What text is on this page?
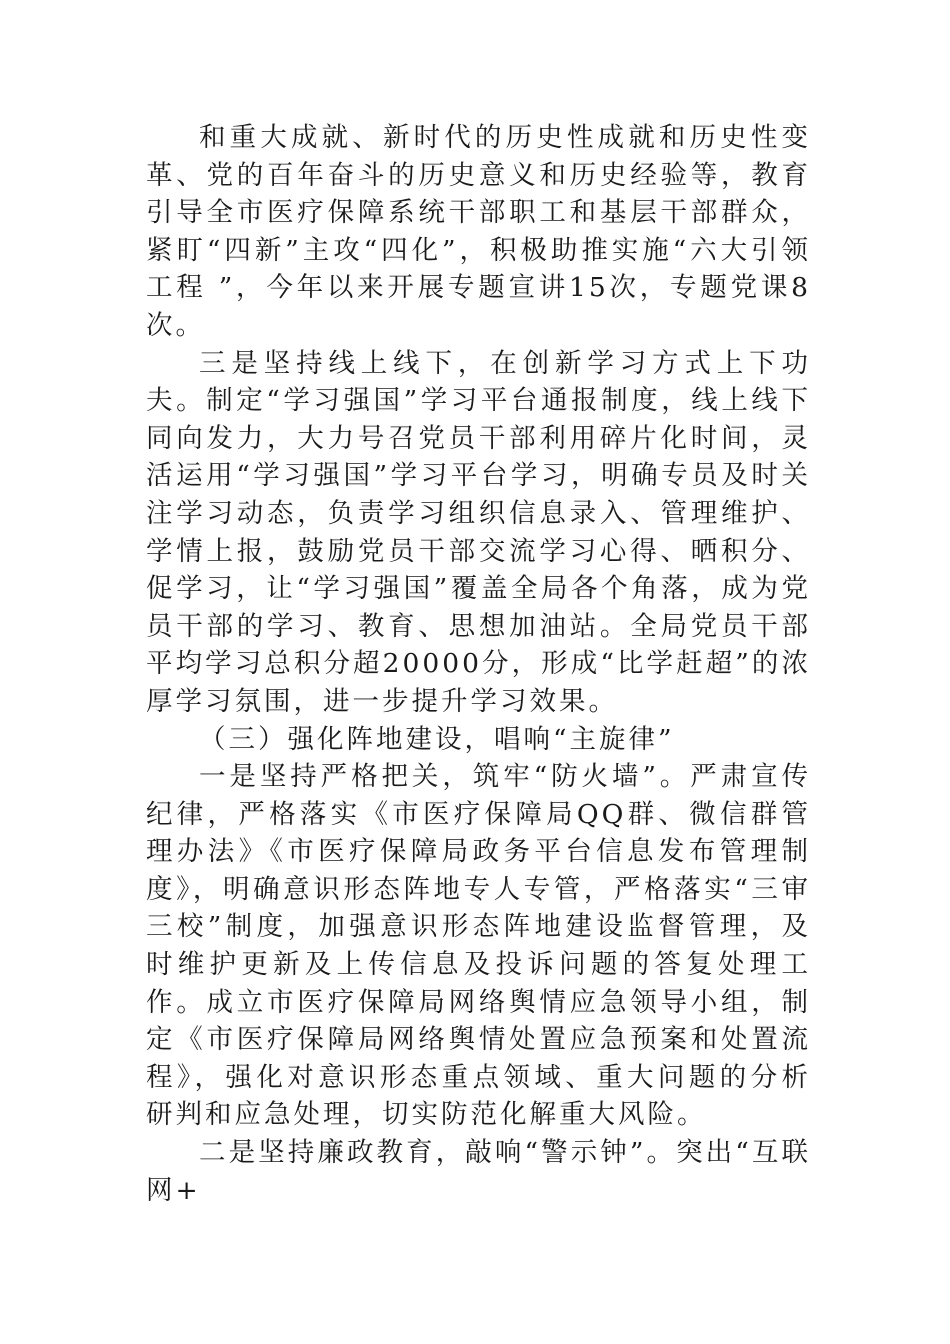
和重大成就、新时代的历史性成就和历史性变革、党的百年奋斗的历史意义和历史经验等，教育引导全市医疗保障系统干部职工和基层干部群众，紧盯“四新”主攻“四化”，积极助推实施“六大引领工程 ”，今年以来开展专题宣讲15次，专题党课8次。

三是坚持线上线下，在创新学习方式上下功夫。制定“学习强国”学习平台通报制度，线上线下同向发力，大力号召党员干部利用碎片化时间，灵活运用“学习强国”学习平台学习，明确专员及时关注学习动态，负责学习组织信息录入、管理维护、学情上报，鼓励党员干部交流学习心得、晒积分、促学习，让“学习强国”覆盖全局各个角落，成为党员干部的学习、教育、思想加油站。全局党员干部平均学习总积分超20000分，形成“比学赶超”的浓厚学习氛围，进一步提升学习效果。

（三）强化阵地建设，唱响“主旋律”

一是坚持严格把关，筑牢“防火墙”。严肃宣传纪律，严格落实《市医疗保障局QQ群、微信群管理办法》《市医疗保障局政务平台信息发布管理制度》，明确意识形态阵地专人专管，严格落实“三审三校”制度，加强意识形态阵地建设监督管理，及时维护更新及上传信息及投诉问题的答复处理工作。成立市医疗保障局网络舆情应急领导小组，制定《市医疗保障局网络舆情处置应急预案和处置流程》，强化对意识形态重点领域、重大问题的分析研判和应急处理，切实防范化解重大风险。

二是坚持廉政教育，敲响“警示钟”。突出“互联网+
